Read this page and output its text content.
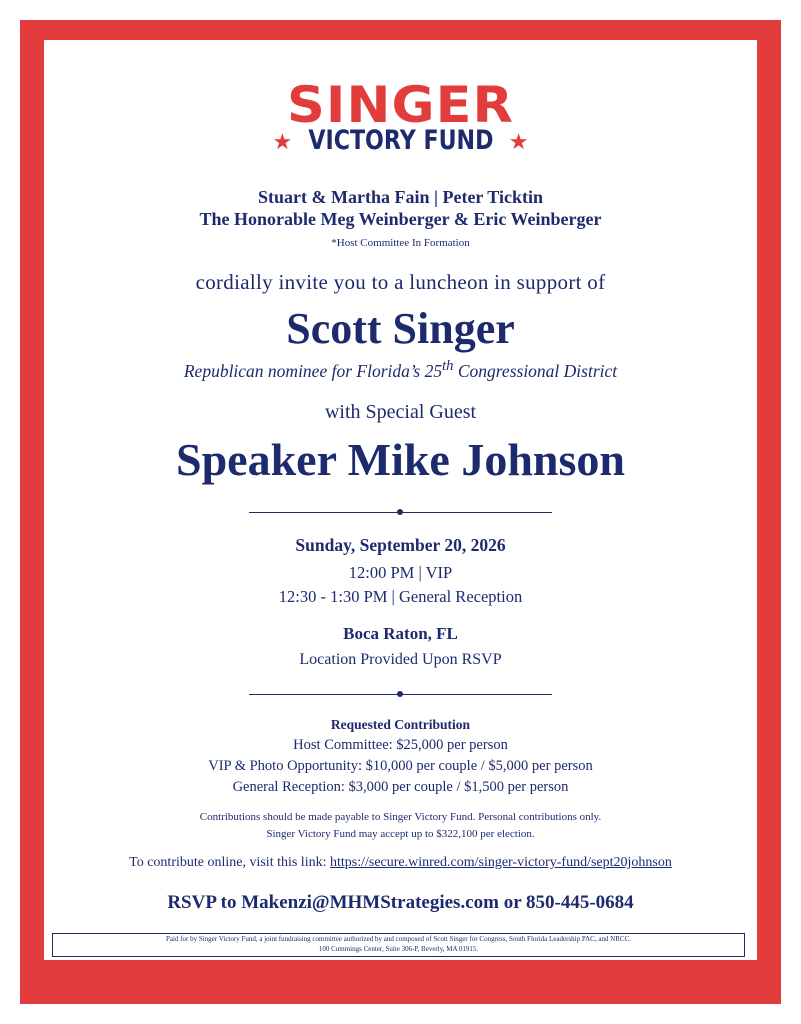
SINGER
★ VICTORY FUND ★
Stuart & Martha Fain | Peter Ticktin
The Honorable Meg Weinberger & Eric Weinberger
*Host Committee In Formation
cordially invite you to a luncheon in support of
Scott Singer
Republican nominee for Florida’s 25th Congressional District
with Special Guest
Speaker Mike Johnson
Sunday, September 20, 2026
12:00 PM | VIP
12:30 - 1:30 PM | General Reception
Boca Raton, FL
Location Provided Upon RSVP
Requested Contribution
Host Committee: $25,000 per person
VIP & Photo Opportunity: $10,000 per couple / $5,000 per person
General Reception: $3,000 per couple / $1,500 per person
Contributions should be made payable to Singer Victory Fund. Personal contributions only.
Singer Victory Fund may accept up to $322,100 per election.
To contribute online, visit this link: https://secure.winred.com/singer-victory-fund/sept20johnson
RSVP to Makenzi@MHMStrategies.com or 850-445-0684
Paid for by Singer Victory Fund, a joint fundraising committee authorized by and composed of Scott Singer for Congress, South Florida Leadership PAC, and NRCC.
100 Cummings Center, Suite 306-P, Beverly, MA 01915.
